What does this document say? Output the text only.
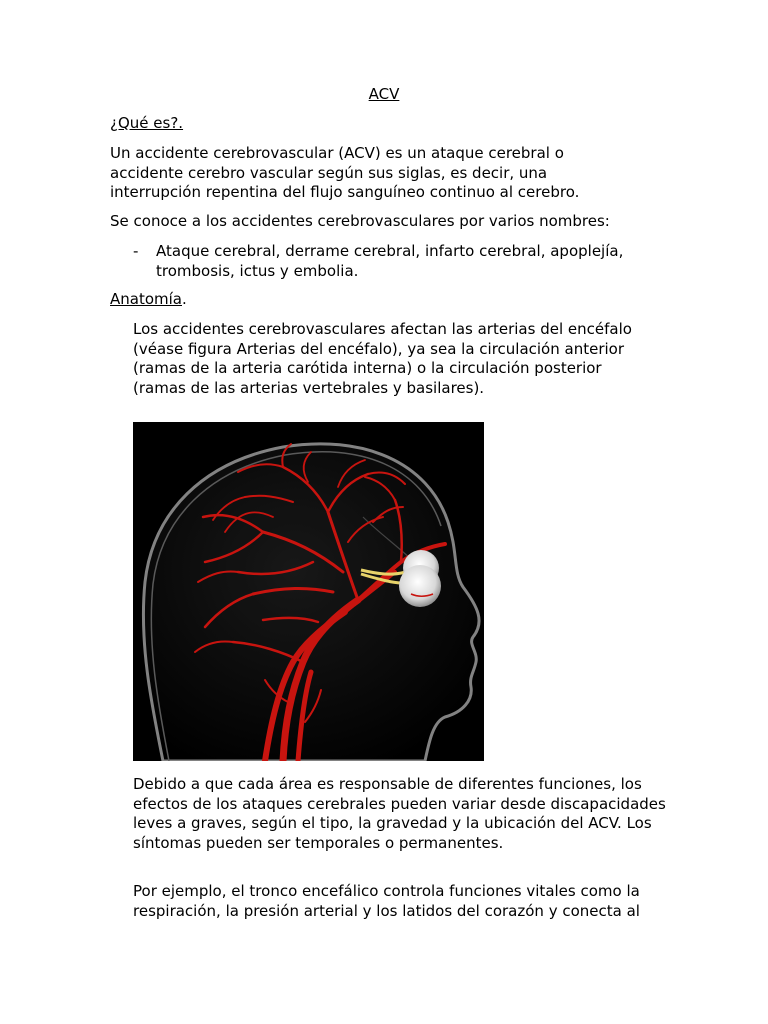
ACV
¿Qué es?.
Un accidente cerebrovascular (ACV) es un ataque cerebral o accidente cerebro vascular según sus siglas, es decir, una interrupción repentina del flujo sanguíneo continuo al cerebro.
Se conoce a los accidentes cerebrovasculares por varios nombres:
- Ataque cerebral, derrame cerebral, infarto cerebral, apoplejía, trombosis, ictus y embolia.
Anatomía.
Los accidentes cerebrovasculares afectan las arterias del encéfalo (véase figura Arterias del encéfalo), ya sea la circulación anterior (ramas de la arteria carótida interna) o la circulación posterior (ramas de las arterias vertebrales y basilares).
Debido a que cada área es responsable de diferentes funciones, los efectos de los ataques cerebrales pueden variar desde discapacidades leves a graves, según el tipo, la gravedad y la ubicación del ACV. Los síntomas pueden ser temporales o permanentes.
Por ejemplo, el tronco encefálico controla funciones vitales como la respiración, la presión arterial y los latidos del corazón y conecta al
